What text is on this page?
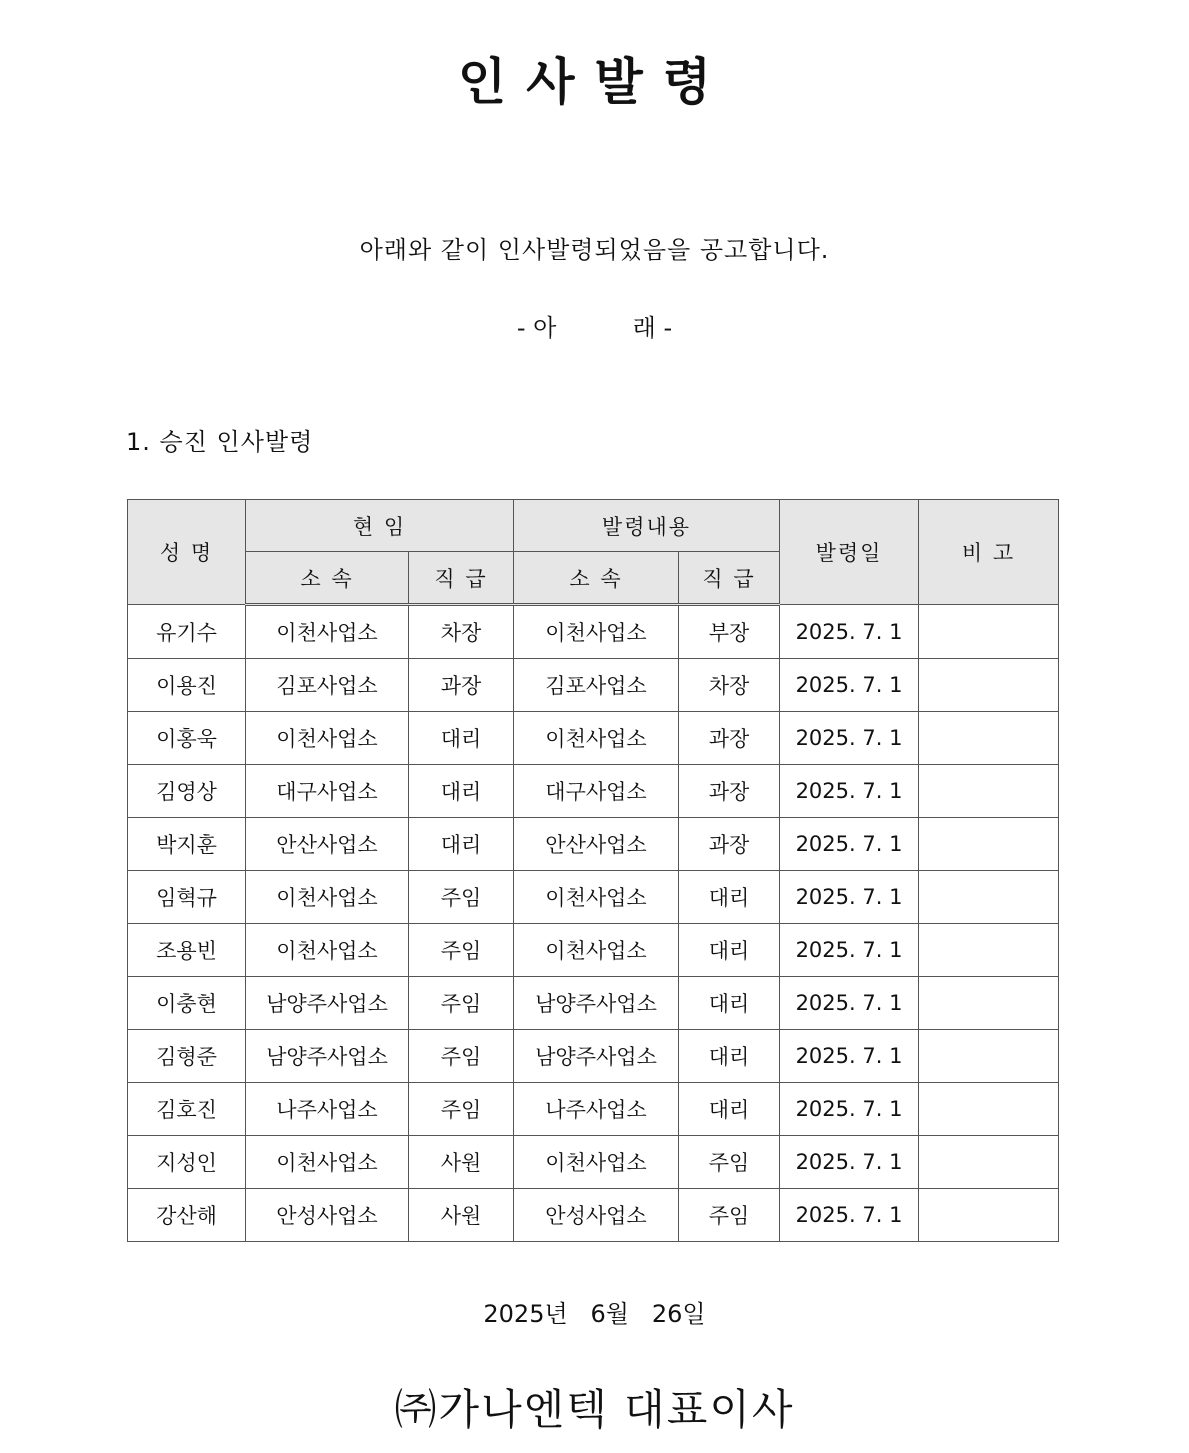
인사발령
아래와 같이 인사발령되었음을 공고합니다.
- 아          래 -
1. 승진 인사발령
성 명	현 임		발령내용		발령일	비 고
	소 속	직 급	소 속	직 급		
유기수	이천사업소	차장	이천사업소	부장	2025. 7. 1	
이용진	김포사업소	과장	김포사업소	차장	2025. 7. 1	
이홍욱	이천사업소	대리	이천사업소	과장	2025. 7. 1	
김영상	대구사업소	대리	대구사업소	과장	2025. 7. 1	
박지훈	안산사업소	대리	안산사업소	과장	2025. 7. 1	
임혁규	이천사업소	주임	이천사업소	대리	2025. 7. 1	
조용빈	이천사업소	주임	이천사업소	대리	2025. 7. 1	
이충현	남양주사업소	주임	남양주사업소	대리	2025. 7. 1	
김형준	남양주사업소	주임	남양주사업소	대리	2025. 7. 1	
김호진	나주사업소	주임	나주사업소	대리	2025. 7. 1	
지성인	이천사업소	사원	이천사업소	주임	2025. 7. 1	
강산해	안성사업소	사원	안성사업소	주임	2025. 7. 1	
2025년   6월   26일
㈜가나엔텍 대표이사
